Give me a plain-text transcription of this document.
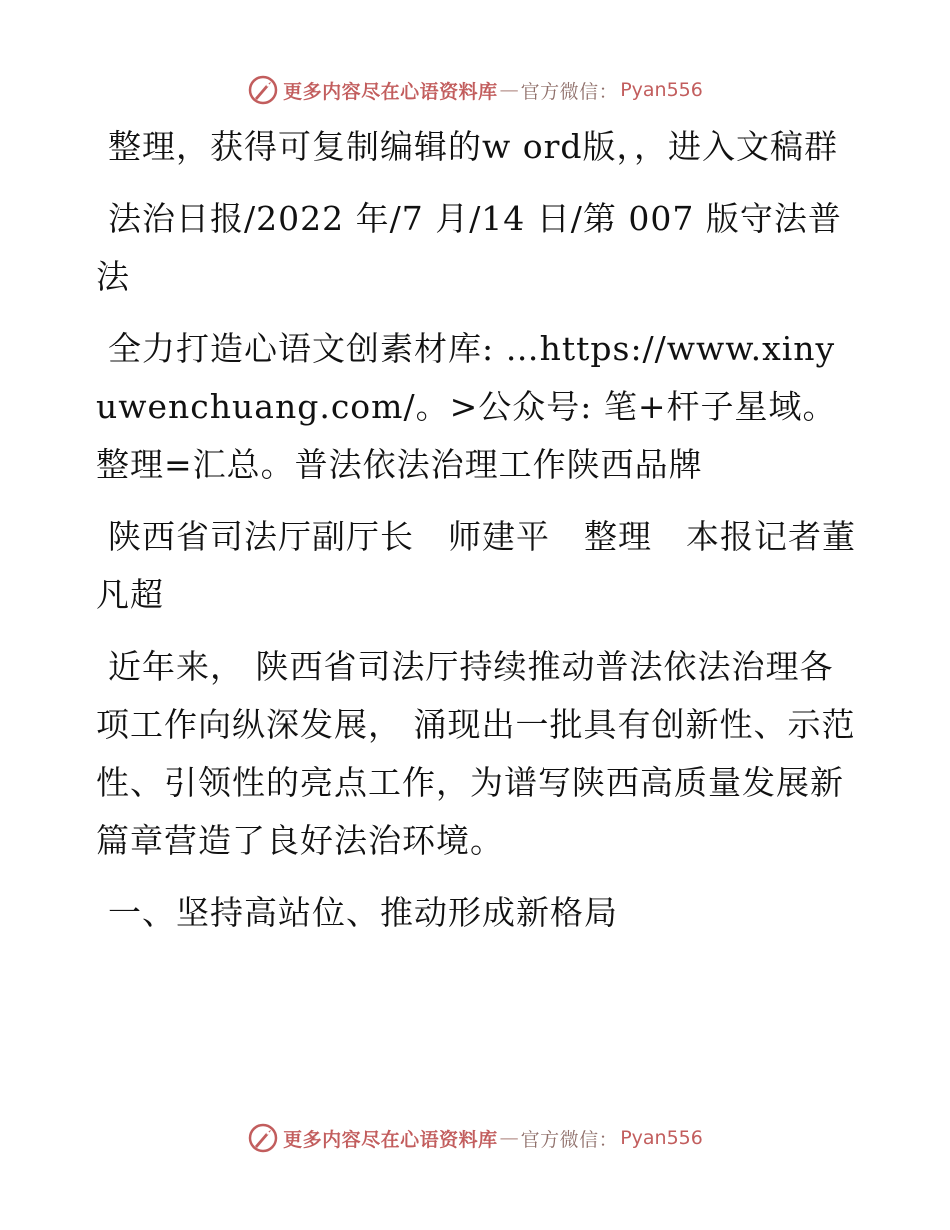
更多内容尽在心语资料库 — 官方微信： Pyan556

整理，获得可复制编辑的w ord版，，进入文稿群

法治日报/2022 年/7 月/14 日/第 007 版守法普法

全力打造心语文创素材库: …https://www.xinyuwenchuang.com/。>公众号: 笔+杆子星域。整理=汇总。普法依法治理工作陕西品牌

陕西省司法厅副厅长　师建平　整理　本报记者董凡超

近年来， 陕西省司法厅持续推动普法依法治理各项工作向纵深发展， 涌现出一批具有创新性、示范性、引领性的亮点工作，为谱写陕西高质量发展新篇章营造了良好法治环境。

一、坚持高站位、推动形成新格局

更多内容尽在心语资料库 — 官方微信： Pyan556
